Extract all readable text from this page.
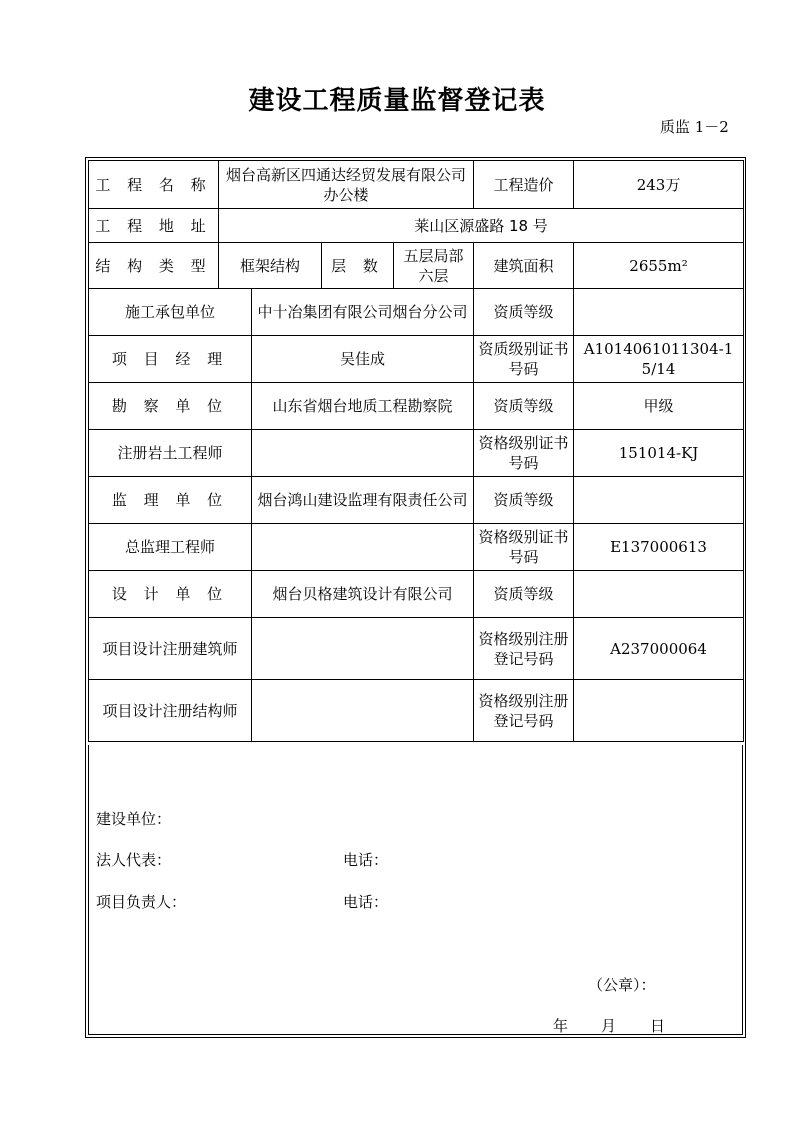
建设工程质量监督登记表
质监 1－2
工 程 名 称	烟台高新区四通达经贸发展有限公司办公楼				工程造价	243万
工 程 地 址	莱山区源盛路 18 号					
结 构 类 型	框架结构		层 数	五层局部六层	建筑面积	2655m²
施工承包单位		中十冶集团有限公司烟台分公司			资质等级	
项 目 经 理		吴佳成			资质级别证书号码	A1014061011304-15/14
勘 察 单 位		山东省烟台地质工程勘察院			资质等级	甲级
注册岩土工程师					资格级别证书号码	151014-KJ
监 理 单 位		烟台鸿山建设监理有限责任公司			资质等级	
总监理工程师					资格级别证书号码	E137000613
设 计 单 位		烟台贝格建筑设计有限公司			资质等级	
项目设计注册建筑师					资格级别注册登记号码	A237000064
项目设计注册结构师					资格级别注册登记号码	
建设单位：
法人代表：	电话：
项目负责人：	电话：
（公章）：
年 月 日
